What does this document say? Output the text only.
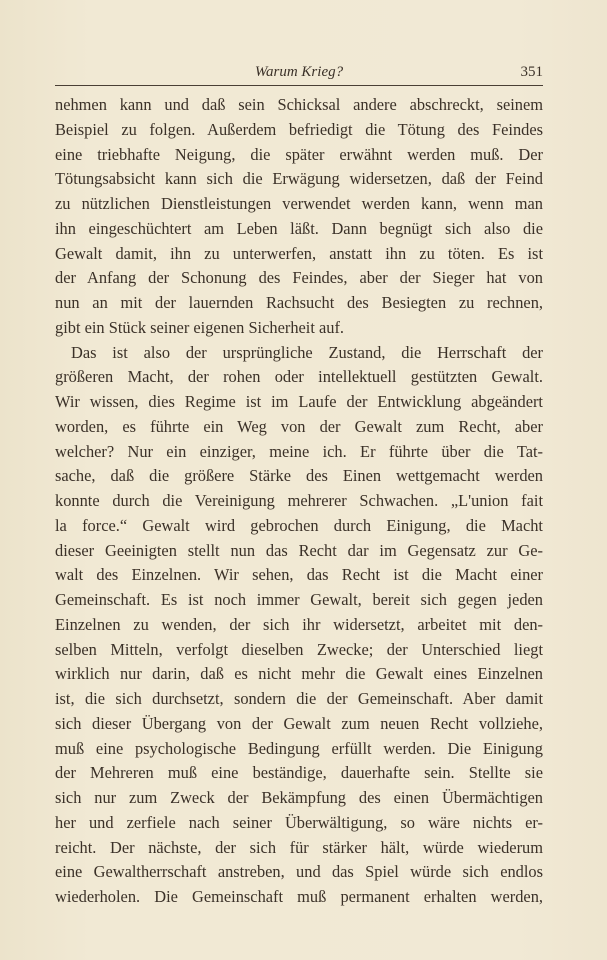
Warum Krieg?	351
nehmen kann und daß sein Schicksal andere abschreckt, seinem
Beispiel zu folgen. Außerdem befriedigt die Tötung des Feindes
eine triebhafte Neigung, die später erwähnt werden muß. Der
Tötungsabsicht kann sich die Erwägung widersetzen, daß der Feind
zu nützlichen Dienstleistungen verwendet werden kann, wenn man
ihn eingeschüchtert am Leben läßt. Dann begnügt sich also die
Gewalt damit, ihn zu unterwerfen, anstatt ihn zu töten. Es ist
der Anfang der Schonung des Feindes, aber der Sieger hat von
nun an mit der lauernden Rachsucht des Besiegten zu rechnen,
gibt ein Stück seiner eigenen Sicherheit auf.
Das ist also der ursprüngliche Zustand, die Herrschaft der
größeren Macht, der rohen oder intellektuell gestützten Gewalt.
Wir wissen, dies Regime ist im Laufe der Entwicklung abgeändert
worden, es führte ein Weg von der Gewalt zum Recht, aber
welcher? Nur ein einziger, meine ich. Er führte über die Tat-
sache, daß die größere Stärke des Einen wettgemacht werden
konnte durch die Vereinigung mehrerer Schwachen. „L'union fait
la force.“ Gewalt wird gebrochen durch Einigung, die Macht
dieser Geeinigten stellt nun das Recht dar im Gegensatz zur Ge-
walt des Einzelnen. Wir sehen, das Recht ist die Macht einer
Gemeinschaft. Es ist noch immer Gewalt, bereit sich gegen jeden
Einzelnen zu wenden, der sich ihr widersetzt, arbeitet mit den-
selben Mitteln, verfolgt dieselben Zwecke; der Unterschied liegt
wirklich nur darin, daß es nicht mehr die Gewalt eines Einzelnen
ist, die sich durchsetzt, sondern die der Gemeinschaft. Aber damit
sich dieser Übergang von der Gewalt zum neuen Recht vollziehe,
muß eine psychologische Bedingung erfüllt werden. Die Einigung
der Mehreren muß eine beständige, dauerhafte sein. Stellte sie
sich nur zum Zweck der Bekämpfung des einen Übermächtigen
her und zerfiele nach seiner Überwältigung, so wäre nichts er-
reicht. Der nächste, der sich für stärker hält, würde wiederum
eine Gewaltherrschaft anstreben, und das Spiel würde sich endlos
wiederholen. Die Gemeinschaft muß permanent erhalten werden,
